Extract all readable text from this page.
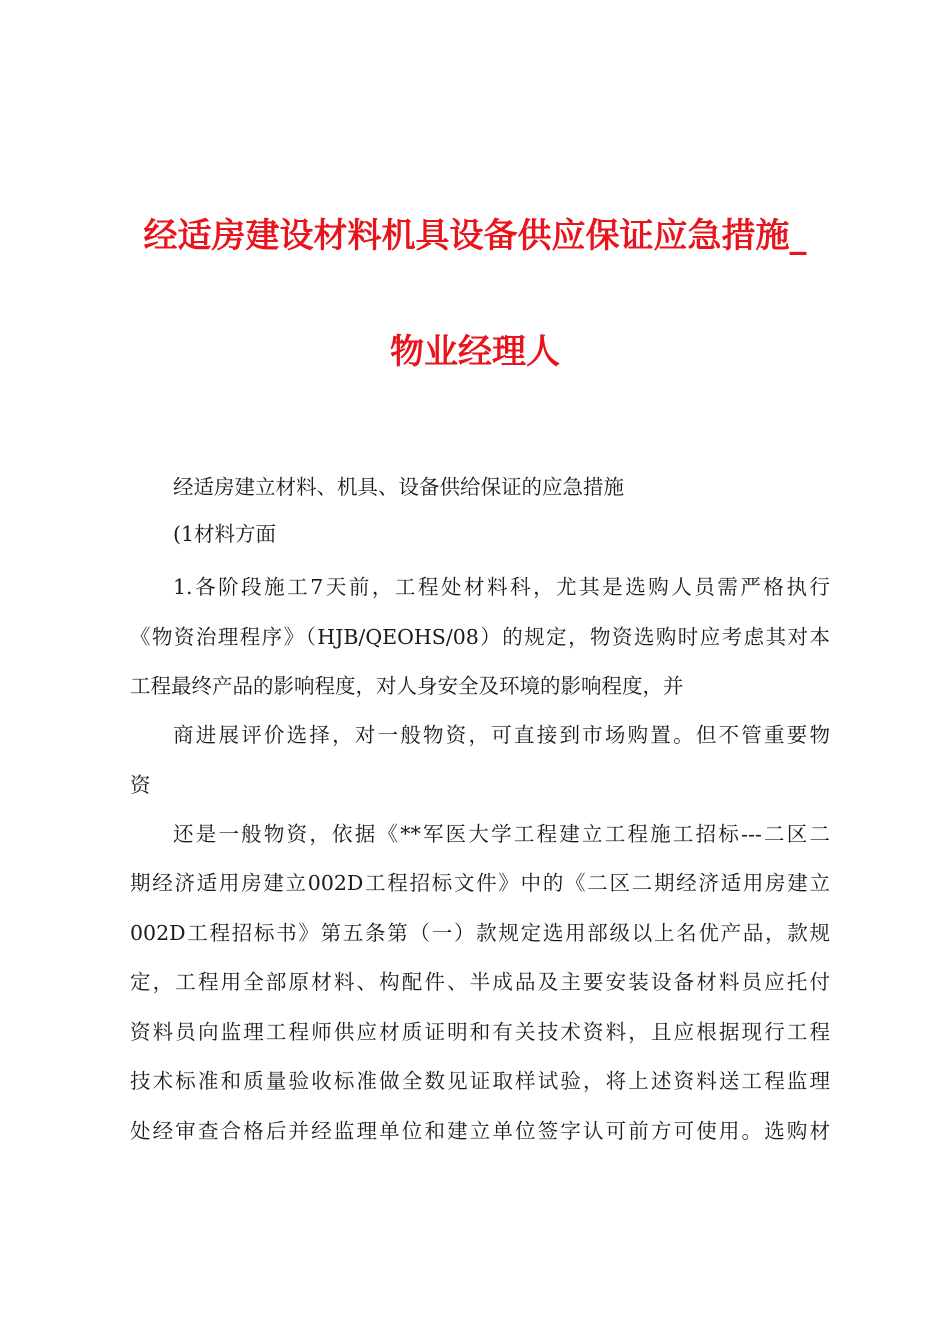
经适房建设材料机具设备供应保证应急措施_
物业经理人
经适房建立材料、机具、设备供给保证的应急措施
(1材料方面
1.各阶段施工7天前，工程处材料科，尤其是选购人员需严格执行
《物资治理程序》（HJB/QEOHS/08）的规定，物资选购时应考虑其对本
工程最终产品的影响程度，对人身安全及环境的影响程度，并
商进展评价选择，对一般物资，可直接到市场购置。但不管重要物
资
还是一般物资，依据《**军医大学工程建立工程施工招标---二区二
期经济适用房建立002D工程招标文件》中的《二区二期经济适用房建立
002D工程招标书》第五条第（一）款规定选用部级以上名优产品，款规
定，工程用全部原材料、构配件、半成品及主要安装设备材料员应托付
资料员向监理工程师供应材质证明和有关技术资料，且应根据现行工程
技术标准和质量验收标准做全数见证取样试验，将上述资料送工程监理
处经审查合格后并经监理单位和建立单位签字认可前方可使用。选购材
